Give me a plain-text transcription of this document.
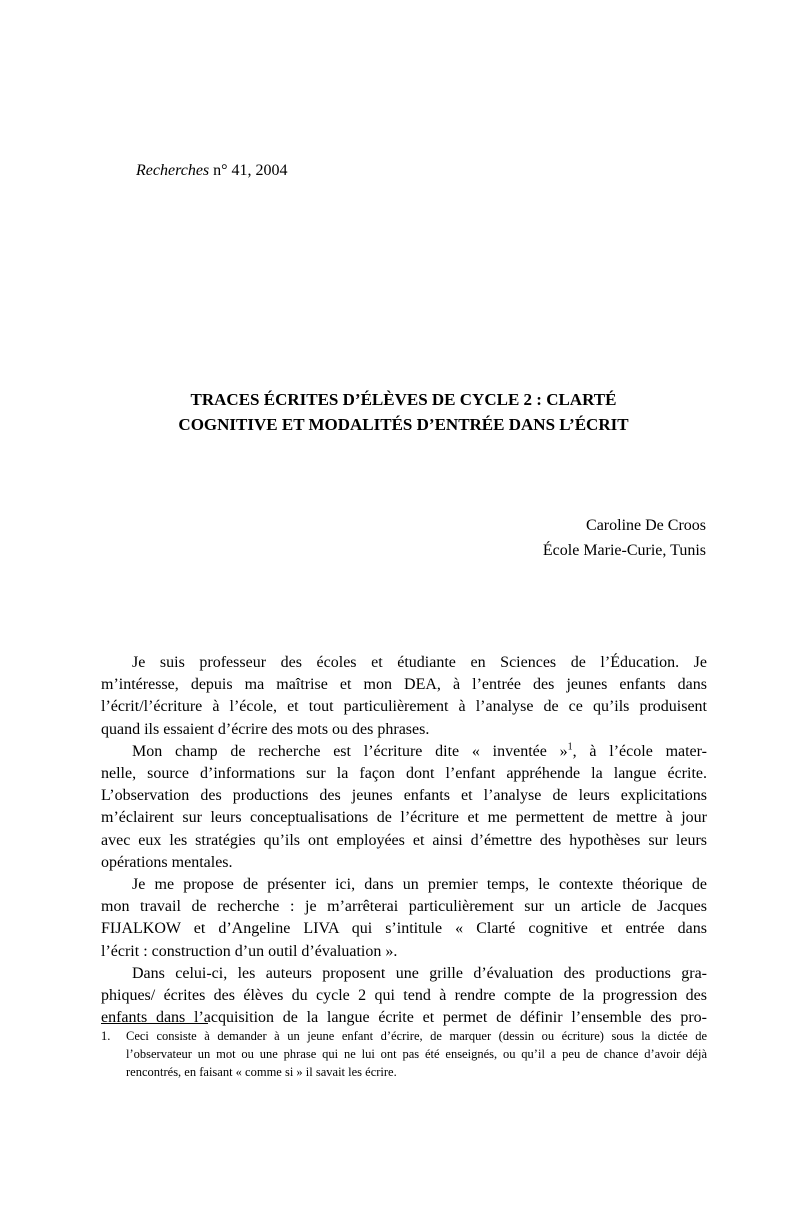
Recherches n° 41, 2004
TRACES ÉCRITES D’ÉLÈVES DE CYCLE 2 : CLARTÉ
COGNITIVE ET MODALITÉS D’ENTRÉE DANS L’ÉCRIT
Caroline De Croos
École Marie-Curie, Tunis
Je suis professeur des écoles et étudiante en Sciences de l’Éducation. Je
m’intéresse, depuis ma maîtrise et mon DEA, à l’entrée des jeunes enfants dans
l’écrit/l’écriture à l’école, et tout particulièrement à l’analyse de ce qu’ils produisent
quand ils essaient d’écrire des mots ou des phrases.
Mon champ de recherche est l’écriture dite « inventée »$^1$, à l’école mater-
nelle, source d’informations sur la façon dont l’enfant appréhende la langue écrite.
L’observation des productions des jeunes enfants et l’analyse de leurs explicitations
m’éclairent sur leurs conceptualisations de l’écriture et me permettent de mettre à jour
avec eux les stratégies qu’ils ont employées et ainsi d’émettre des hypothèses sur leurs
opérations mentales.
Je me propose de présenter ici, dans un premier temps, le contexte théorique de
mon travail de recherche : je m’arrêterai particulièrement sur un article de Jacques
FIJALKOW et d’Angeline LIVA qui s’intitule « Clarté cognitive et entrée dans
l’écrit : construction d’un outil d’évaluation ».
Dans celui-ci, les auteurs proposent une grille d’évaluation des productions gra-
phiques/ écrites des élèves du cycle 2 qui tend à rendre compte de la progression des
enfants dans l’acquisition de la langue écrite et permet de définir l’ensemble des pro-
1. Ceci consiste à demander à un jeune enfant d’écrire, de marquer (dessin ou écriture) sous la dictée de
l’observateur un mot ou une phrase qui ne lui ont pas été enseignés, ou qu’il a peu de chance d’avoir déjà
rencontrés, en faisant « comme si » il savait les écrire.
